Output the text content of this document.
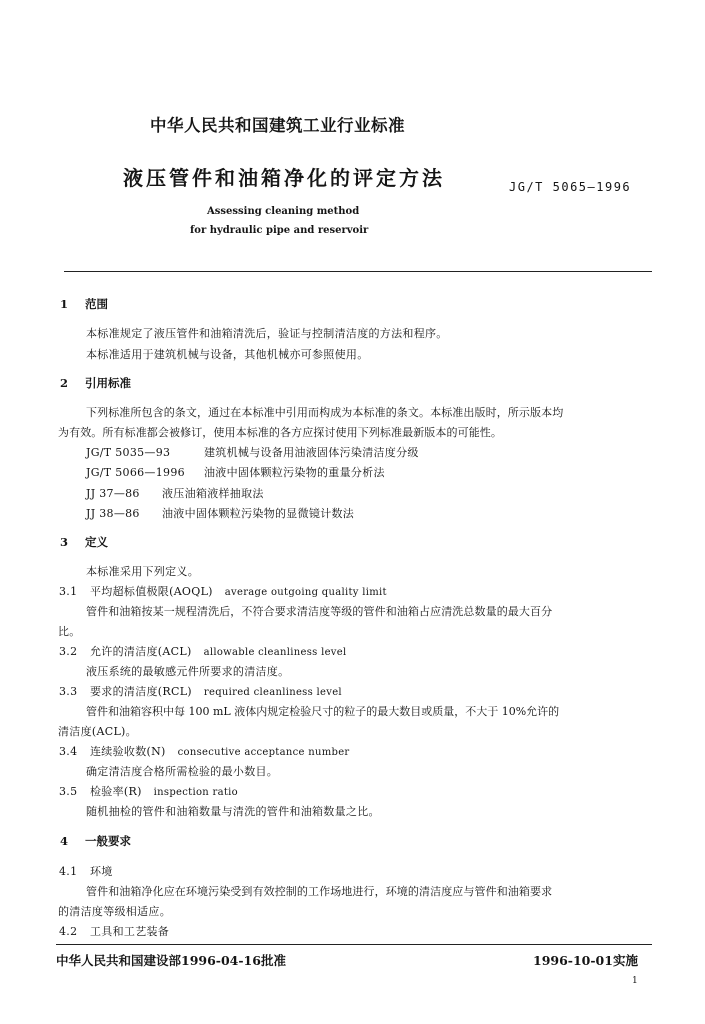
中华人民共和国建筑工业行业标准
液压管件和油箱净化的评定方法	JG/T 5065—1996
Assessing cleaning method
for hydraulic pipe and reservoir
1 范围
本标准规定了液压管件和油箱清洗后，验证与控制清洁度的方法和程序。
本标准适用于建筑机械与设备，其他机械亦可参照使用。
2 引用标准
下列标准所包含的条文，通过在本标准中引用而构成为本标准的条文。本标准出版时，所示版本均
为有效。所有标准都会被修订，使用本标准的各方应探讨使用下列标准最新版本的可能性。
JG/T 5035—93	建筑机械与设备用油液固体污染清洁度分级
JG/T 5066—1996 油液中固体颗粒污染物的重量分析法
JJ 37—86 液压油箱液样抽取法
JJ 38—86 油液中固体颗粒污染物的显微镜计数法
3 定义
本标准采用下列定义。
3.1 平均超标值极限(AOQL) average outgoing quality limit
管件和油箱按某一规程清洗后，不符合要求清洁度等级的管件和油箱占应清洗总数量的最大百分
比。
3.2 允许的清洁度(ACL) allowable cleanliness level
液压系统的最敏感元件所要求的清洁度。
3.3 要求的清洁度(RCL) required cleanliness level
管件和油箱容积中每 100 mL 液体内规定检验尺寸的粒子的最大数目或质量，不大于 10%允许的
清洁度(ACL)。
3.4 连续验收数(N) consecutive acceptance number
确定清洁度合格所需检验的最小数目。
3.5 检验率(R) inspection ratio
随机抽检的管件和油箱数量与清洗的管件和油箱数量之比。
4 一般要求
4.1 环境
管件和油箱净化应在环境污染受到有效控制的工作场地进行，环境的清洁度应与管件和油箱要求
的清洁度等级相适应。
4.2 工具和工艺装备
中华人民共和国建设部1996-04-16批准	1996-10-01实施
1
